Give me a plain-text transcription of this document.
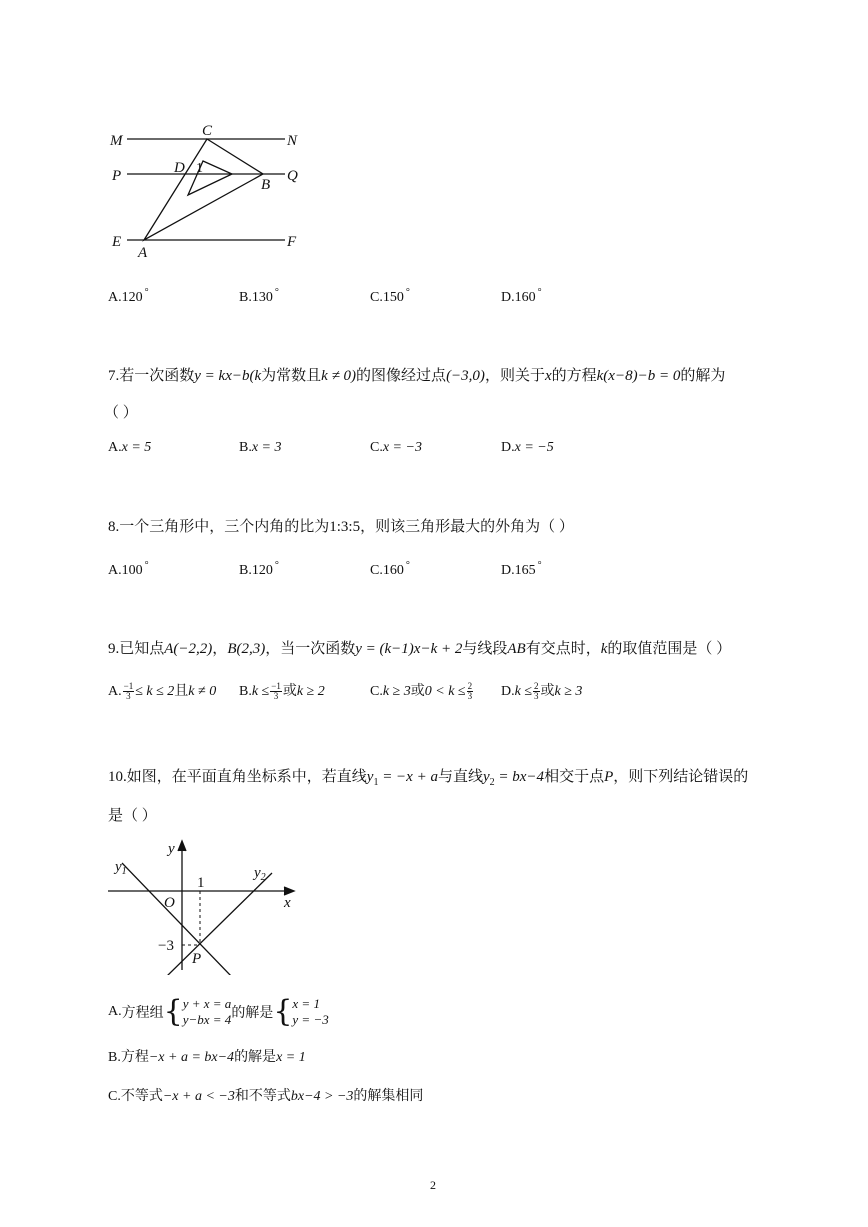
M	N
P	Q
E	F
C
D
B
A
1
A.120 °	B.130 °	C.150 °	D.160 °
7.若一次函数y = kx−b(k为常数且k ≠ 0)的图像经过点(−3,0)，则关于x的方程k(x−8)−b = 0的解为
（ ）
A.x = 5	B.x = 3	C.x = −3	D.x = −5
8.一个三角形中，三个内角的比为1:3:5，则该三角形最大的外角为（ ）
A.100 °	B.120 °	C.160 °	D.165 °
9.已知点A(−2,2)，B(2,3)，当一次函数y = (k−1)x−k + 2与线段AB有交点时，k的取值范围是（ ）
A. $\frac{-1}{3} \le k \le 2$且k ≠ 0 $B.k \le \frac{-1}{3}$ 或k ≥ 2	C.k ≥ 3或$0 < k \le \frac{2}{3} D.k \le \frac{2}{3}$ 或k ≥ 3
10.如图，在平面直角坐标系中，若直线$y_1 = -x + a$与直线$y_2 = bx-4$相交于点P，则下列结论错误的
是（ ）
y
x
O
1
−3
P
$y_1$	$y_2$
A.方程组{ y + x = a
y−bx = 4 的解是{ x = 1
y = −3
B.方程−x + a = bx−4的解是x = 1
C.不等式−x + a < −3和不等式bx−4 > −3的解集相同
2
